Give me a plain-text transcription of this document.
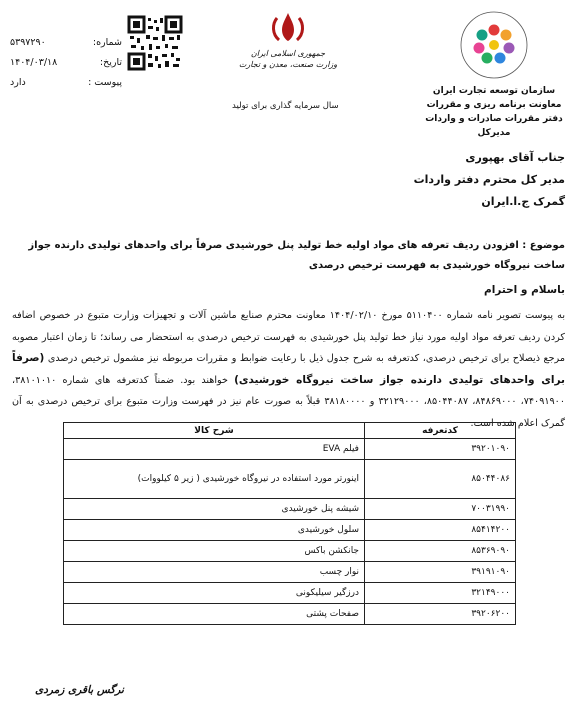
سازمان توسعه تجارت ایران
معاونت برنامه ریزی و مقررات
دفتر مقررات صادرات و واردات
مدیرکل
جمهوری اسلامی ایران
وزارت صنعت، معدن و تجارت
سال سرمایه گذاری برای تولید
شماره:
۵۳۹۷۲۹۰
تاریخ:
۱۴۰۴/۰۳/۱۸
پیوست :
دارد
جناب آقای بهپوری
مدیر کل محترم دفتر واردات
گمرک ج.ا.ایران
موضوع : افزودن ردیف تعرفه های مواد اولیه خط تولید پنل خورشیدی صرفاً برای واحدهای تولیدی دارنده جواز ساخت نیروگاه خورشیدی به فهرست ترخیص درصدی
باسلام و احترام
به پیوست تصویر نامه شماره ۵۱۱۰۴۰۰ مورخ ۱۴۰۴/۰۲/۱۰ معاونت محترم صنایع ماشین آلات و تجهیزات وزارت متبوع در خصوص اضافه کردن ردیف تعرفه مواد اولیه مورد نیاز خط تولید پنل خورشیدی به فهرست ترخیص درصدی به استحضار می رساند؛ تا زمان اعتبار مصوبه مرجع ذیصلاح برای ترخیص درصدی، کدتعرفه به شرح جدول ذیل با رعایت ضوابط و مقررات مربوطه نیز مشمول ترخیص درصدی (صرفاً برای واحدهای تولیدی دارنده جواز ساخت نیروگاه خورشیدی) خواهند بود. ضمناً کدتعرفه های شماره ۳۸۱۰۱۰۱۰، ۷۴۰۹۱۹۰۰، ۸۴۸۶۹۰۰۰، ۸۵۰۴۴۰۸۷، ۳۲۱۲۹۰۰۰ و ۳۸۱۸۰۰۰۰ قبلاً به صورت عام نیز در فهرست وزارت متبوع برای ترخیص درصدی به آن گمرک اعلام شده است.
کدتعرفه	شرح کالا
۳۹۲۰۱۰۹۰	فیلم EVA
۸۵۰۴۴۰۸۶	اینورتر مورد استفاده در نیروگاه خورشیدی ( زیر ۵ کیلووات)
۷۰۰۳۱۹۹۰	شیشه پنل خورشیدی
۸۵۴۱۴۲۰۰	سلول خورشیدی
۸۵۳۶۹۰۹۰	جانکشن باکس
۳۹۱۹۱۰۹۰	نوار چسب
۳۲۱۴۹۰۰۰	درزگیر سیلیکونی
۳۹۲۰۶۲۰۰	صفحات پشتی
نرگس باقری زمردی
